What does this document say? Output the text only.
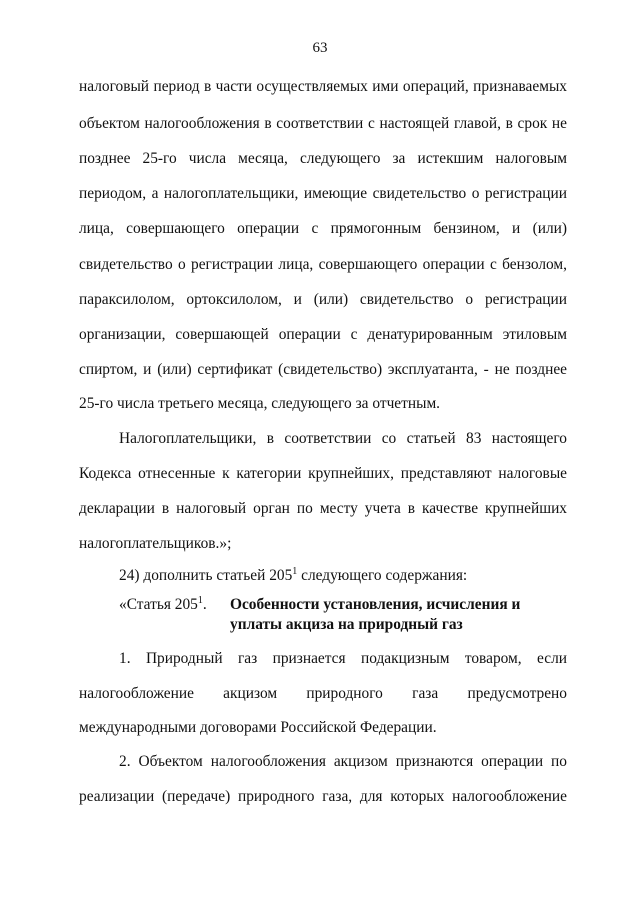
63
налоговый период в части осуществляемых ими операций, признаваемых
объектом налогообложения в соответствии с настоящей главой, в срок не
позднее 25-го числа месяца, следующего за истекшим налоговым
периодом, а налогоплательщики, имеющие свидетельство о регистрации
лица, совершающего операции с прямогонным бензином, и (или)
свидетельство о регистрации лица, совершающего операции с бензолом,
параксилолом, ортоксилолом, и (или) свидетельство о регистрации
организации, совершающей операции с денатурированным этиловым
спиртом, и (или) сертификат (свидетельство) эксплуатанта, - не позднее
25-го числа третьего месяца, следующего за отчетным.
Налогоплательщики, в соответствии со статьей 83 настоящего
Кодекса отнесенные к категории крупнейших, представляют налоговые
декларации в налоговый орган по месту учета в качестве крупнейших
налогоплательщиков.»;
24) дополнить статьей $205^1$ следующего содержания:
«Статья $205^1$. Особенности установления, исчисления и
уплаты акциза на природный газ
1. Природный газ признается подакцизным товаром, если
налогообложение акцизом природного газа предусмотрено
международными договорами Российской Федерации.
2. Объектом налогообложения акцизом признаются операции по
реализации (передаче) природного газа, для которых налогообложение
